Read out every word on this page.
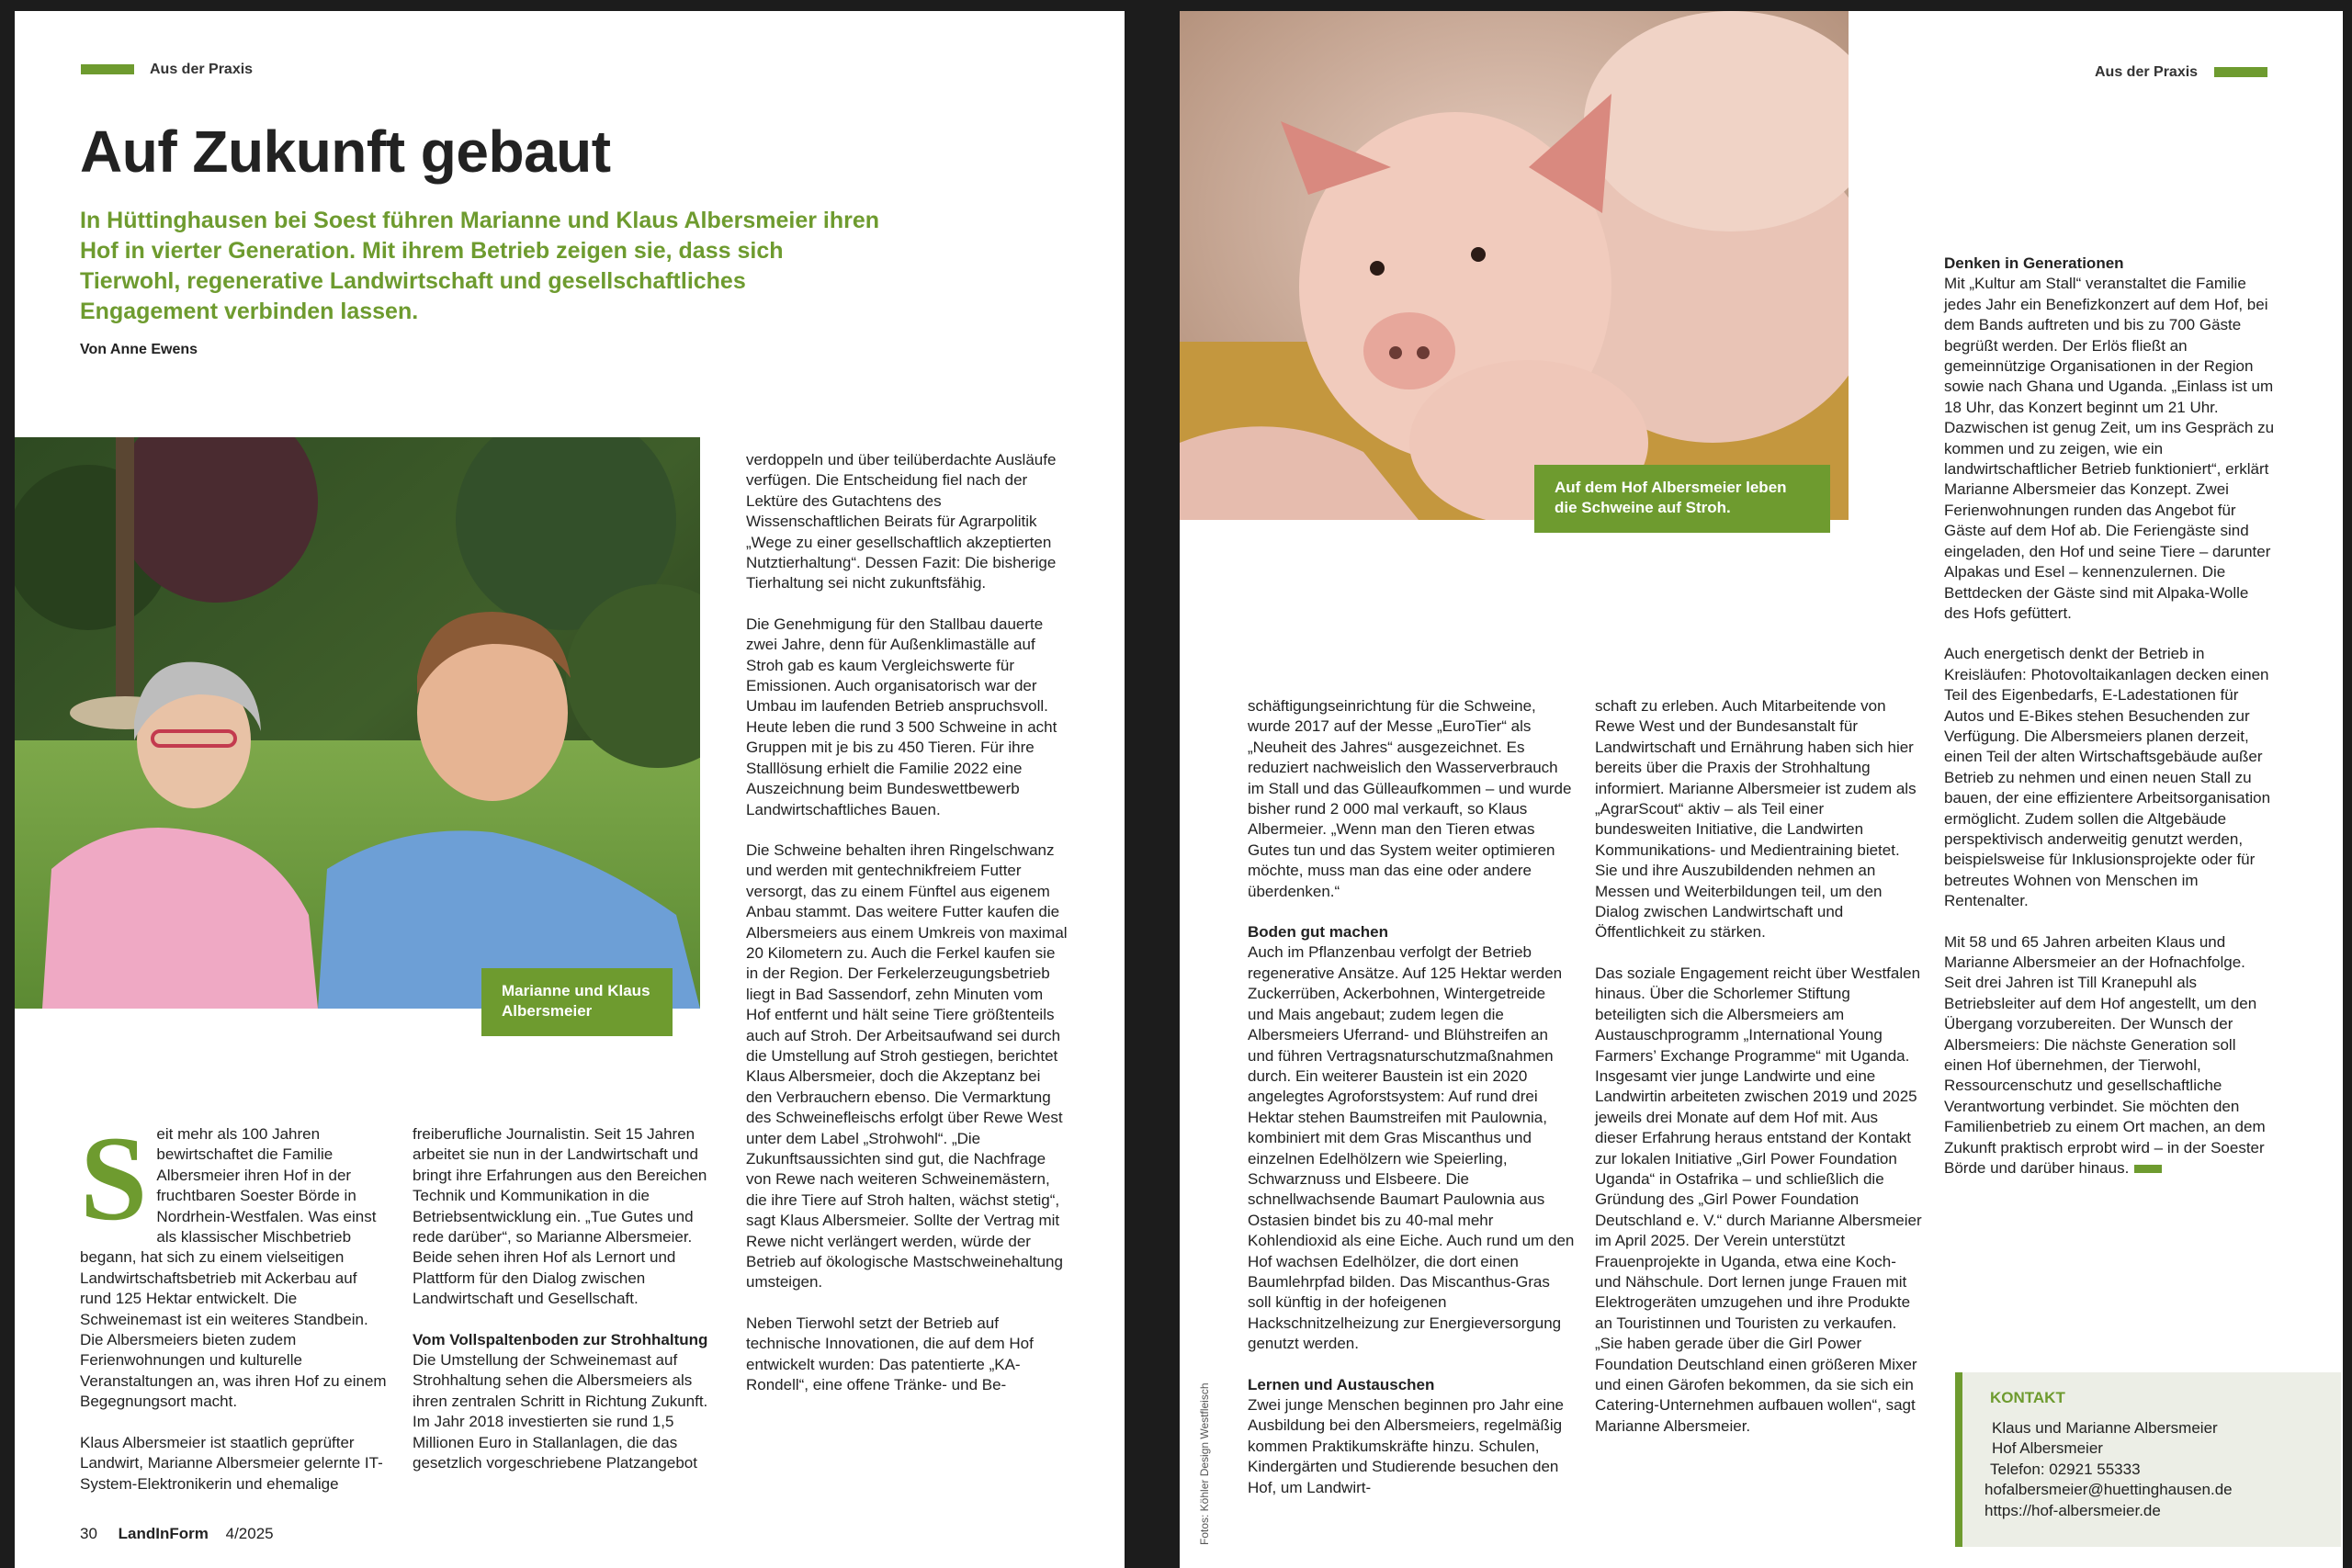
Aus der Praxis
Auf Zukunft gebaut

In Hüttinghausen bei Soest führen Marianne und Klaus Albersmeier ihren Hof in vierter Generation. Mit ihrem Betrieb zeigen sie, dass sich Tierwohl, regenerative Landwirtschaft und gesellschaftliches Engagement verbinden lassen.

Von Anne Ewens
Marianne und Klaus Albersmeier

Seit mehr als 100 Jahren bewirtschaftet die Familie Albersmeier ihren Hof in der fruchtbaren Soester Börde in Nordrhein-Westfalen. Was einst als klassischer Mischbetrieb begann, hat sich zu einem vielseitigen Landwirtschaftsbetrieb mit Ackerbau auf rund 125 Hektar entwickelt. Die Schweinemast ist ein weiteres Standbein. Die Albersmeiers bieten zudem Ferienwohnungen und kulturelle Veranstaltungen an, was ihren Hof zu einem Begegnungsort macht.

Klaus Albersmeier ist staatlich geprüfter Landwirt, Marianne Albersmeier gelernte IT-System-Elektronikerin und ehemalige

freiberufliche Journalistin. Seit 15 Jahren arbeitet sie nun in der Landwirtschaft und bringt ihre Erfahrungen aus den Bereichen Technik und Kommunikation in die Betriebsentwicklung ein. „Tue Gutes und rede darüber“, so Marianne Albersmeier. Beide sehen ihren Hof als Lernort und Plattform für den Dialog zwischen Landwirtschaft und Gesellschaft.

Vom Vollspaltenboden zur Strohhaltung

Die Umstellung der Schweinemast auf Strohhaltung sehen die Albersmeiers als ihren zentralen Schritt in Richtung Zukunft. Im Jahr 2018 investierten sie rund 1,5 Millionen Euro in Stallanlagen, die das gesetzlich vorgeschriebene Platzangebot

verdoppeln und über teilüberdachte Ausläufe verfügen. Die Entscheidung fiel nach der Lektüre des Gutachtens des Wissenschaftlichen Beirats für Agrarpolitik „Wege zu einer gesellschaftlich akzeptierten Nutztierhaltung“. Dessen Fazit: Die bisherige Tierhaltung sei nicht zukunftsfähig.

Die Genehmigung für den Stallbau dauerte zwei Jahre, denn für Außenklimaställe auf Stroh gab es kaum Vergleichswerte für Emissionen. Auch organisatorisch war der Umbau im laufenden Betrieb anspruchsvoll. Heute leben die rund 3 500 Schweine in acht Gruppen mit je bis zu 450 Tieren. Für ihre Stalllösung erhielt die Familie 2022 eine Auszeichnung beim Bundeswettbewerb Landwirtschaftliches Bauen.

Die Schweine behalten ihren Ringelschwanz und werden mit gentechnikfreiem Futter versorgt, das zu einem Fünftel aus eigenem Anbau stammt. Das weitere Futter kaufen die Albersmeiers aus einem Umkreis von maximal 20 Kilometern zu. Auch die Ferkel kaufen sie in der Region. Der Ferkelerzeugungsbetrieb liegt in Bad Sassendorf, zehn Minuten vom Hof entfernt und hält seine Tiere größtenteils auch auf Stroh. Der Arbeitsaufwand sei durch die Umstellung auf Stroh gestiegen, berichtet Klaus Albersmeier, doch die Akzeptanz bei den Verbrauchern ebenso. Die Vermarktung des Schweinefleischs erfolgt über Rewe West unter dem Label „Strohwohl“. „Die Zukunftsaussichten sind gut, die Nachfrage von Rewe nach weiteren Schweinemästern, die ihre Tiere auf Stroh halten, wächst stetig“, sagt Klaus Albersmeier. Sollte der Vertrag mit Rewe nicht verlängert werden, würde der Betrieb auf ökologische Mastschweinehaltung umsteigen.

Neben Tierwohl setzt der Betrieb auf technische Innovationen, die auf dem Hof entwickelt wurden: Das patentierte „KA-Rondell“, eine offene Tränke- und Be-

30 LandInForm 4/2025
Auf dem Hof Albersmeier leben die Schweine auf Stroh.
Aus der Praxis
Fotos: Köhler Design Westfleisch

schäftigungseinrichtung für die Schweine, wurde 2017 auf der Messe „EuroTier“ als „Neuheit des Jahres“ ausgezeichnet. Es reduziert nachweislich den Wasserverbrauch im Stall und das Gülleaufkommen – und wurde bisher rund 2 000 mal verkauft, so Klaus Albermeier. „Wenn man den Tieren etwas Gutes tun und das System weiter optimieren möchte, muss man das eine oder andere überdenken.“

Boden gut machen

Auch im Pflanzenbau verfolgt der Betrieb regenerative Ansätze. Auf 125 Hektar werden Zuckerrüben, Ackerbohnen, Wintergetreide und Mais angebaut; zudem legen die Albersmeiers Uferrand- und Blühstreifen an und führen Vertragsnaturschutzmaßnahmen durch. Ein weiterer Baustein ist ein 2020 angelegtes Agroforstsystem: Auf rund drei Hektar stehen Baumstreifen mit Paulownia, kombiniert mit dem Gras Miscanthus und einzelnen Edelhölzern wie Speierling, Schwarznuss und Elsbeere. Die schnellwachsende Baumart Paulownia aus Ostasien bindet bis zu 40-mal mehr Kohlendioxid als eine Eiche. Auch rund um den Hof wachsen Edelhölzer, die dort einen Baumlehrpfad bilden. Das Miscanthus-Gras soll künftig in der hofeigenen Hackschnitzelheizung zur Energieversorgung genutzt werden.

Lernen und Austauschen

Zwei junge Menschen beginnen pro Jahr eine Ausbildung bei den Albersmeiers, regelmäßig kommen Praktikumskräfte hinzu. Schulen, Kindergärten und Studierende besuchen den Hof, um Landwirt-

schaft zu erleben. Auch Mitarbeitende von Rewe West und der Bundesanstalt für Landwirtschaft und Ernährung haben sich hier bereits über die Praxis der Strohhaltung informiert. Marianne Albersmeier ist zudem als „AgrarScout“ aktiv – als Teil einer bundesweiten Initiative, die Landwirten Kommunikations- und Medientraining bietet. Sie und ihre Auszubildenden nehmen an Messen und Weiterbildungen teil, um den Dialog zwischen Landwirtschaft und Öffentlichkeit zu stärken.

Das soziale Engagement reicht über Westfalen hinaus. Über die Schorlemer Stiftung beteiligten sich die Albersmeiers am Austauschprogramm „International Young Farmers’ Exchange Programme“ mit Uganda. Insgesamt vier junge Landwirte und eine Landwirtin arbeiteten zwischen 2019 und 2025 jeweils drei Monate auf dem Hof mit. Aus dieser Erfahrung heraus entstand der Kontakt zur lokalen Initiative „Girl Power Foundation Uganda“ in Ostafrika – und schließlich die Gründung des „Girl Power Foundation Deutschland e. V.“ durch Marianne Albersmeier im April 2025. Der Verein unterstützt Frauenprojekte in Uganda, etwa eine Koch- und Nähschule. Dort lernen junge Frauen mit Elektrogeräten umzugehen und ihre Produkte an Touristinnen und Touristen zu verkaufen. „Sie haben gerade über die Girl Power Foundation Deutschland einen größeren Mixer und einen Gärofen bekommen, da sie sich ein Catering-Unternehmen aufbauen wollen“, sagt Marianne Albersmeier.

Denken in Generationen

Mit „Kultur am Stall“ veranstaltet die Familie jedes Jahr ein Benefizkonzert auf dem Hof, bei dem Bands auftreten und bis zu 700 Gäste begrüßt werden. Der Erlös fließt an gemeinnützige Organisationen in der Region sowie nach Ghana und Uganda. „Einlass ist um 18 Uhr, das Konzert beginnt um 21 Uhr. Dazwischen ist genug Zeit, um ins Gespräch zu kommen und zu zeigen, wie ein landwirtschaftlicher Betrieb funktioniert“, erklärt Marianne Albersmeier das Konzept. Zwei Ferienwohnungen runden das Angebot für Gäste auf dem Hof ab. Die Feriengäste sind eingeladen, den Hof und seine Tiere – darunter Alpakas und Esel – kennenzulernen. Die Bettdecken der Gäste sind mit Alpaka-Wolle des Hofs gefüttert.

Auch energetisch denkt der Betrieb in Kreisläufen: Photovoltaikanlagen decken einen Teil des Eigenbedarfs, E-Ladestationen für Autos und E-Bikes stehen Besuchenden zur Verfügung. Die Albersmeiers planen derzeit, einen Teil der alten Wirtschaftsgebäude außer Betrieb zu nehmen und einen neuen Stall zu bauen, der eine effizientere Arbeitsorganisation ermöglicht. Zudem sollen die Altgebäude perspektivisch anderweitig genutzt werden, beispielsweise für Inklusionsprojekte oder für betreutes Wohnen von Menschen im Rentenalter.

Mit 58 und 65 Jahren arbeiten Klaus und Marianne Albersmeier an der Hofnachfolge. Seit drei Jahren ist Till Kranepuhl als Betriebsleiter auf dem Hof angestellt, um den Übergang vorzubereiten. Der Wunsch der Albersmeiers: Die nächste Generation soll einen Hof übernehmen, der Tierwohl, Ressourcenschutz und gesellschaftliche Verantwortung verbindet. Sie möchten den Familienbetrieb zu einem Ort machen, an dem Zukunft praktisch erprobt wird – in der Soester Börde und darüber hinaus.

KONTAKT
Klaus und Marianne Albersmeier
Hof Albersmeier
Telefon: 02921 55333
hofalbersmeier@huettinghausen.de
https://hof-albersmeier.de
